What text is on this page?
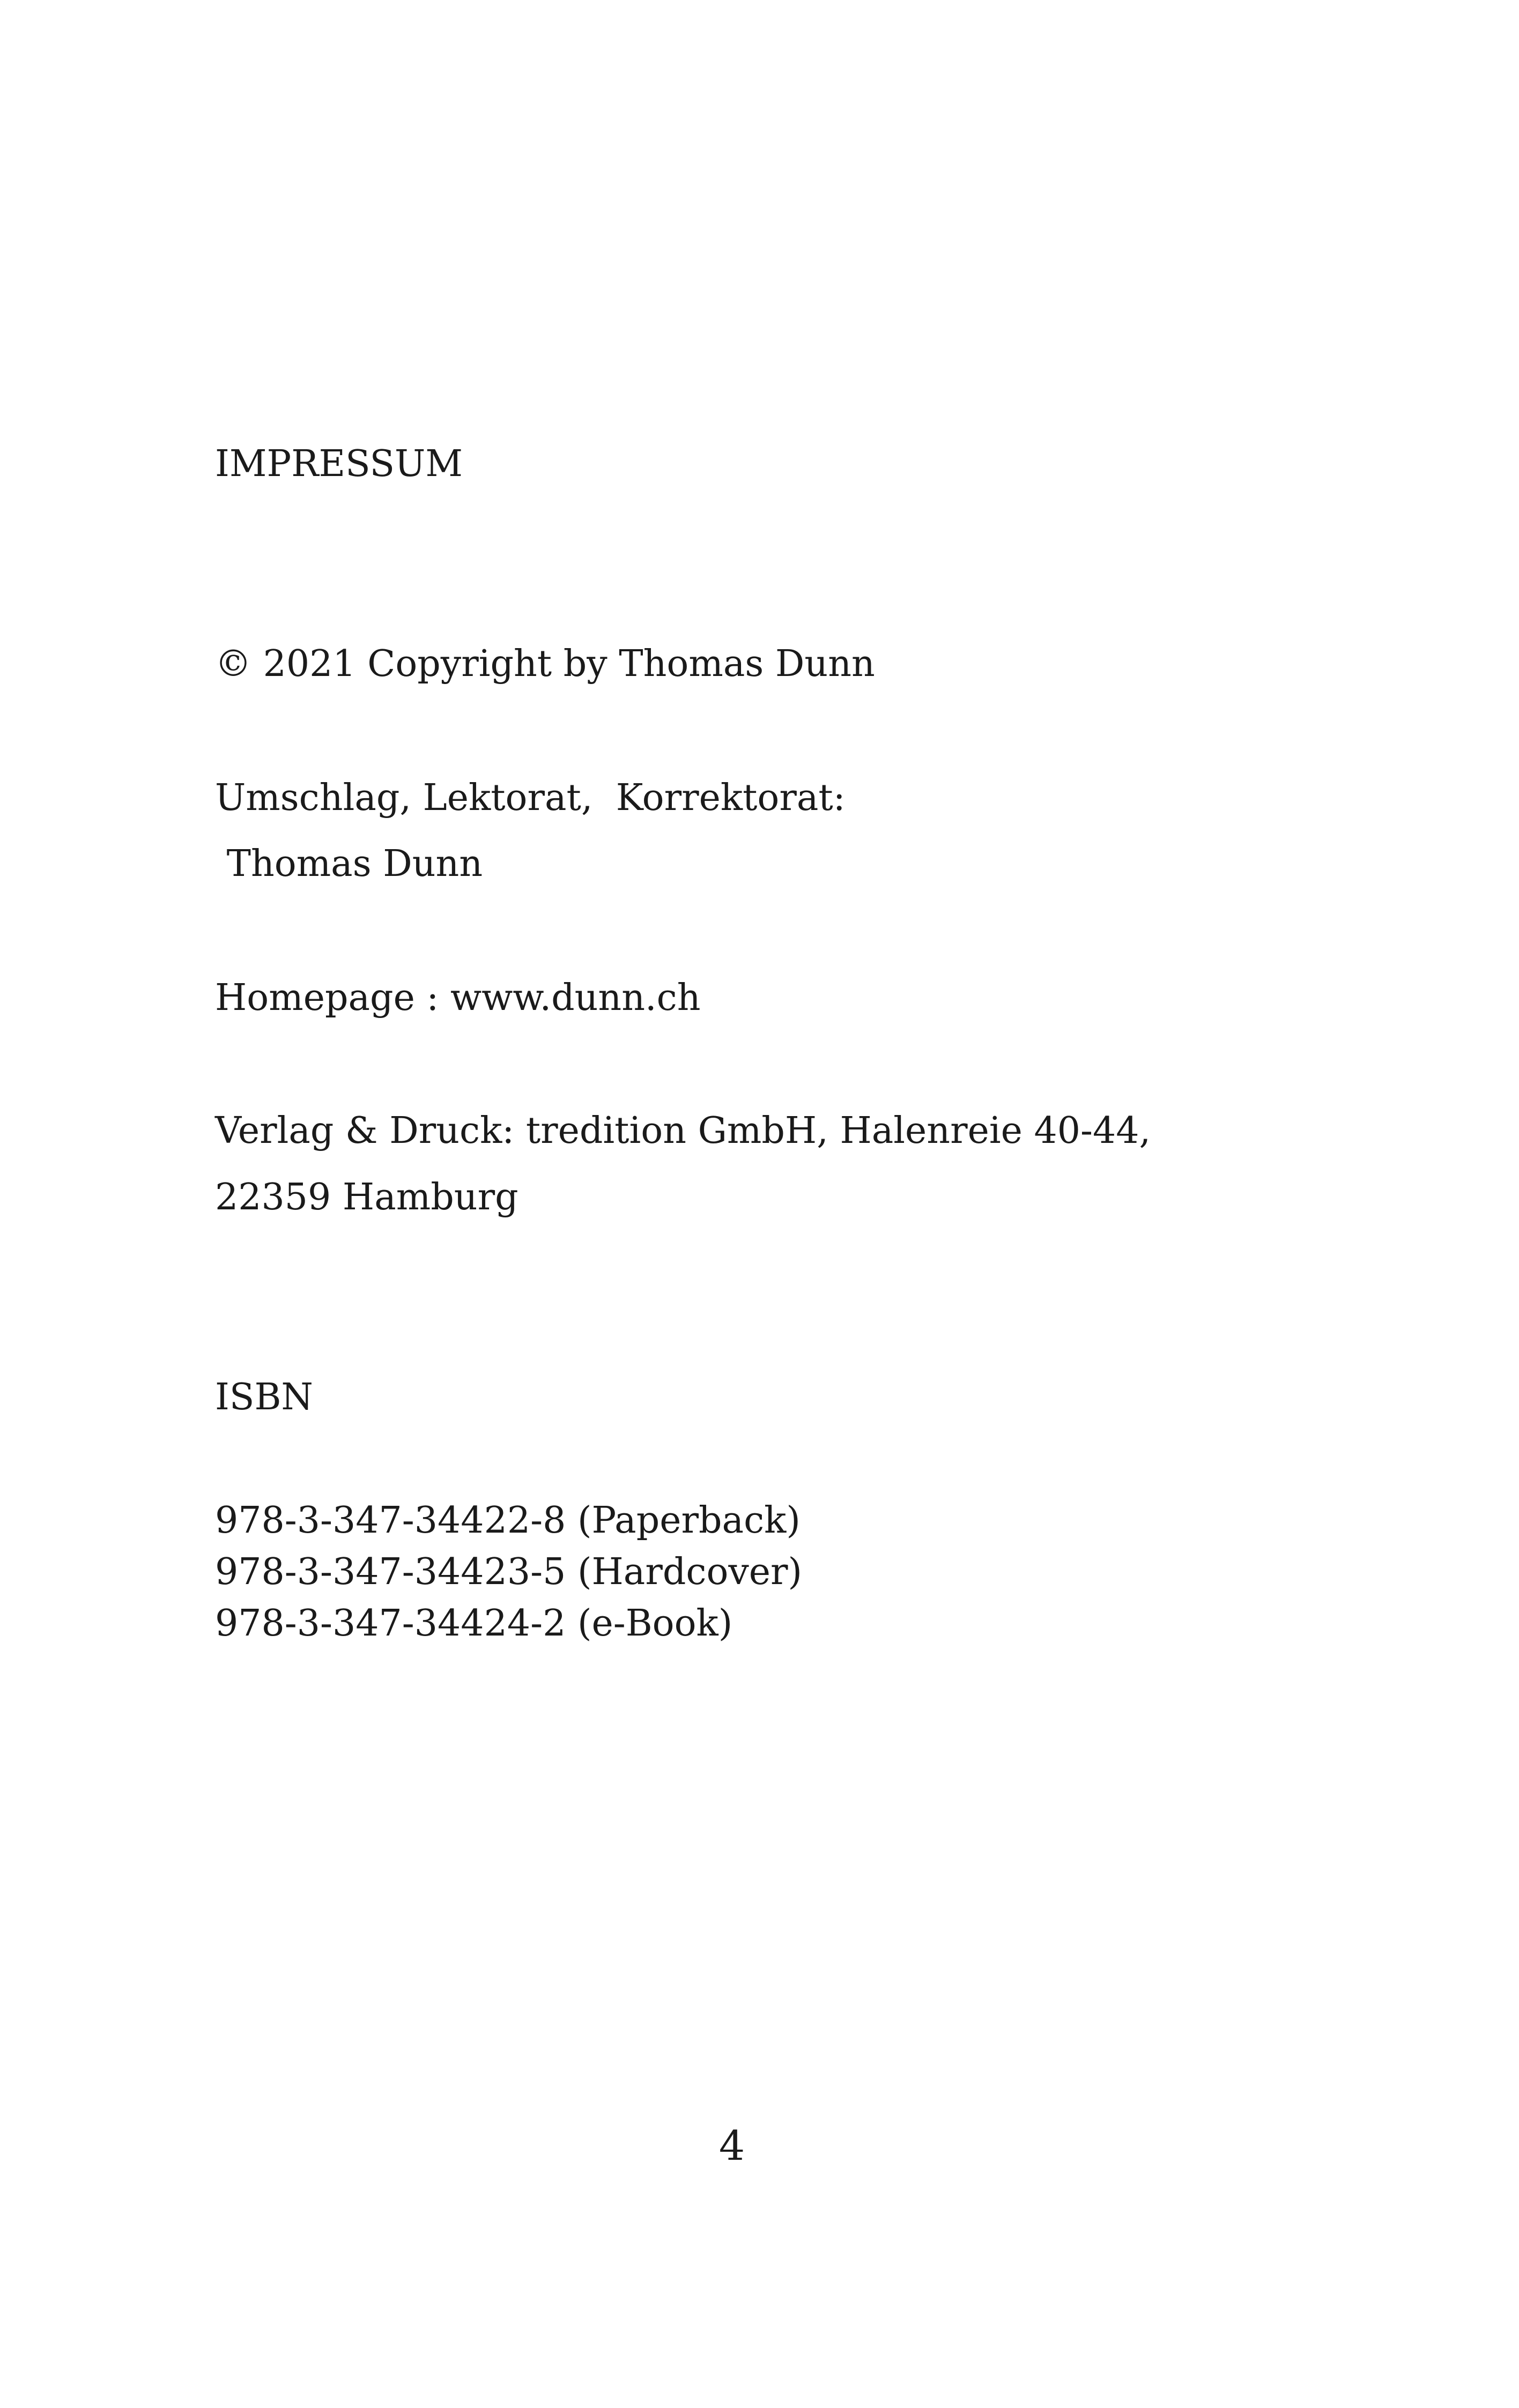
IMPRESSUM
© 2021 Copyright by Thomas Dunn
Umschlag, Lektorat,  Korrektorat:
Thomas Dunn
Homepage : www.dunn.ch
Verlag & Druck: tredition GmbH, Halenreie 40-44,
22359 Hamburg
ISBN
978-3-347-34422-8 (Paperback)
978-3-347-34423-5 (Hardcover)
978-3-347-34424-2 (e-Book)
4
